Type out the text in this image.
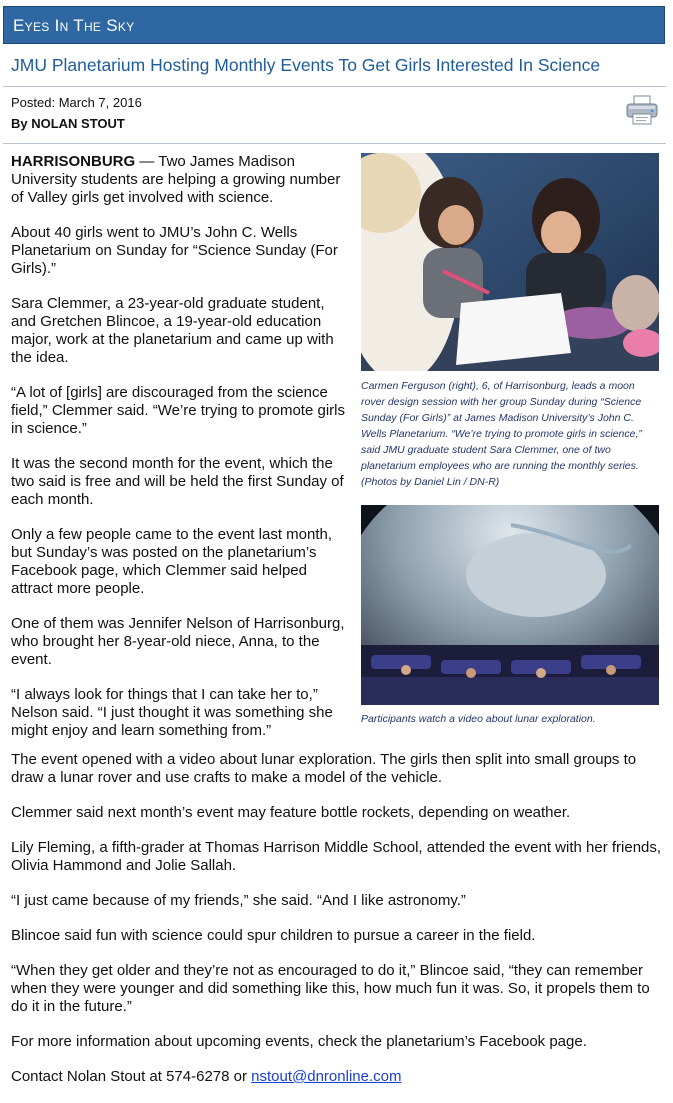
Eyes In The Sky
JMU Planetarium Hosting Monthly Events To Get Girls Interested In Science
Posted: March 7, 2016
By NOLAN STOUT

HARRISONBURG — Two James Madison University students are helping a growing number of Valley girls get involved with science.

About 40 girls went to JMU’s John C. Wells Planetarium on Sunday for “Science Sunday (For Girls).”

Sara Clemmer, a 23-year-old graduate student, and Gretchen Blincoe, a 19-year-old education major, work at the planetarium and came up with the idea.

“A lot of [girls] are discouraged from the science field,” Clemmer said. “We’re trying to promote girls in science.”

It was the second month for the event, which the two said is free and will be held the first Sunday of each month.

Only a few people came to the event last month, but Sunday’s was posted on the planetarium’s Facebook page, which Clemmer said helped attract more people.

One of them was Jennifer Nelson of Harrisonburg, who brought her 8-year-old niece, Anna, to the event.

“I always look for things that I can take her to,” Nelson said. “I just thought it was something she might enjoy and learn something from.”

Carmen Ferguson (right), 6, of Harrisonburg, leads a moon rover design session with her group Sunday during “Science Sunday (For Girls)” at James Madison University’s John C. Wells Planetarium. “We’re trying to promote girls in science,” said JMU graduate student Sara Clemmer, one of two planetarium employees who are running the monthly series. (Photos by Daniel Lin / DN-R)
Participants watch a video about lunar exploration.

The event opened with a video about lunar exploration. The girls then split into small groups to draw a lunar rover and use crafts to make a model of the vehicle.

Clemmer said next month’s event may feature bottle rockets, depending on weather.

Lily Fleming, a fifth-grader at Thomas Harrison Middle School, attended the event with her friends, Olivia Hammond and Jolie Sallah.

“I just came because of my friends,” she said. “And I like astronomy.”

Blincoe said fun with science could spur children to pursue a career in the field.

“When they get older and they’re not as encouraged to do it,” Blincoe said, “they can remember when they were younger and did something like this, how much fun it was. So, it propels them to do it in the future.”

For more information about upcoming events, check the planetarium’s Facebook page.

Contact Nolan Stout at 574-6278 or nstout@dnronline.com
